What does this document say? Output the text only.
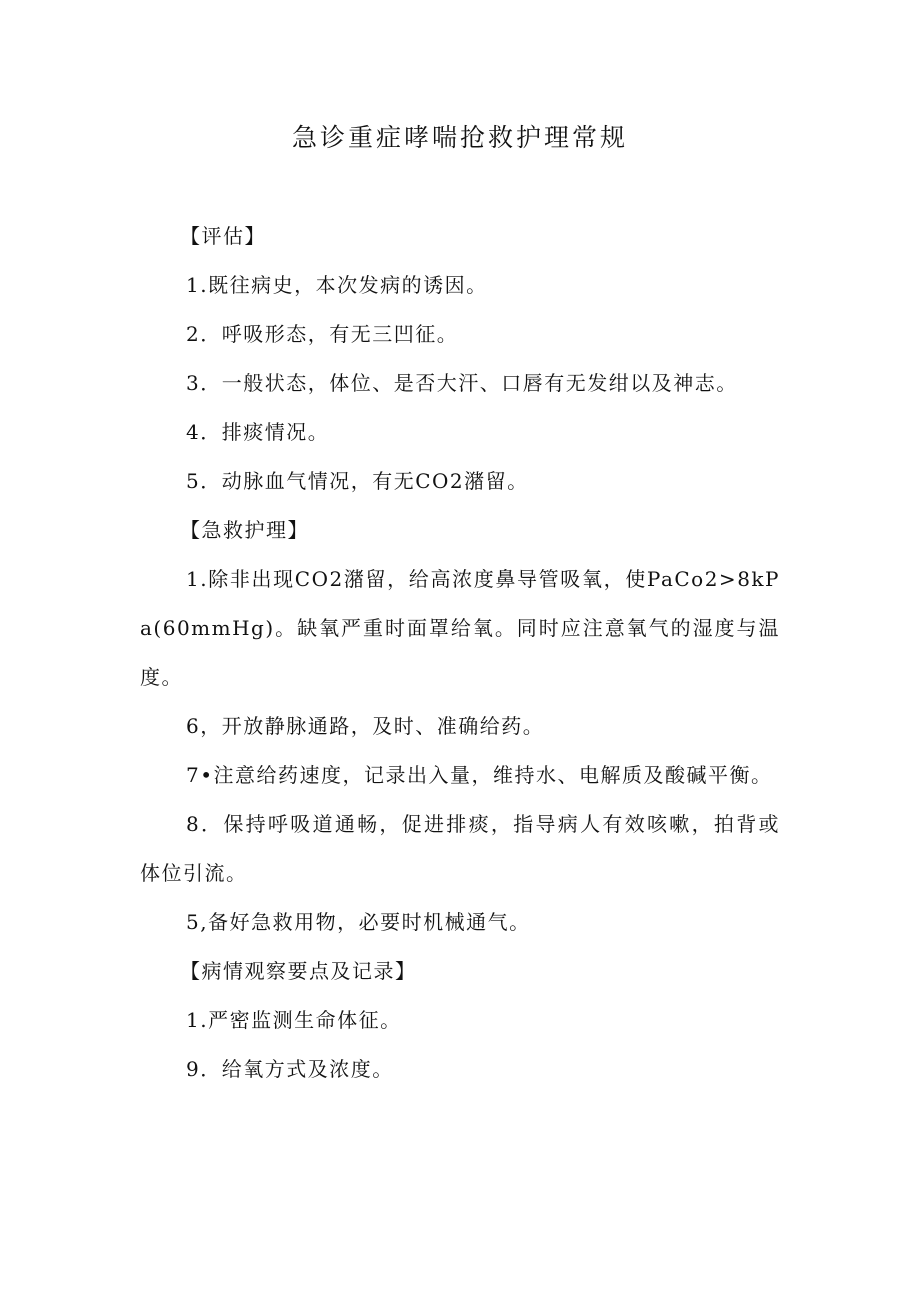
急诊重症哮喘抢救护理常规

【评估】

1.既往病史，本次发病的诱因。

2．呼吸形态，有无三凹征。

3．一般状态，体位、是否大汗、口唇有无发绀以及神志。

4．排痰情况。

5．动脉血气情况，有无CO2潴留。

【急救护理】

1.除非出现CO2潴留，给高浓度鼻导管吸氧，使PaCo2>8kPa(60mmHg)。缺氧严重时面罩给氧。同时应注意氧气的湿度与温度。

6，开放静脉通路，及时、准确给药。

7•注意给药速度，记录出入量，维持水、电解质及酸碱平衡。

8．保持呼吸道通畅，促进排痰，指导病人有效咳嗽，拍背或体位引流。

5,备好急救用物，必要时机械通气。

【病情观察要点及记录】

1.严密监测生命体征。

9．给氧方式及浓度。
